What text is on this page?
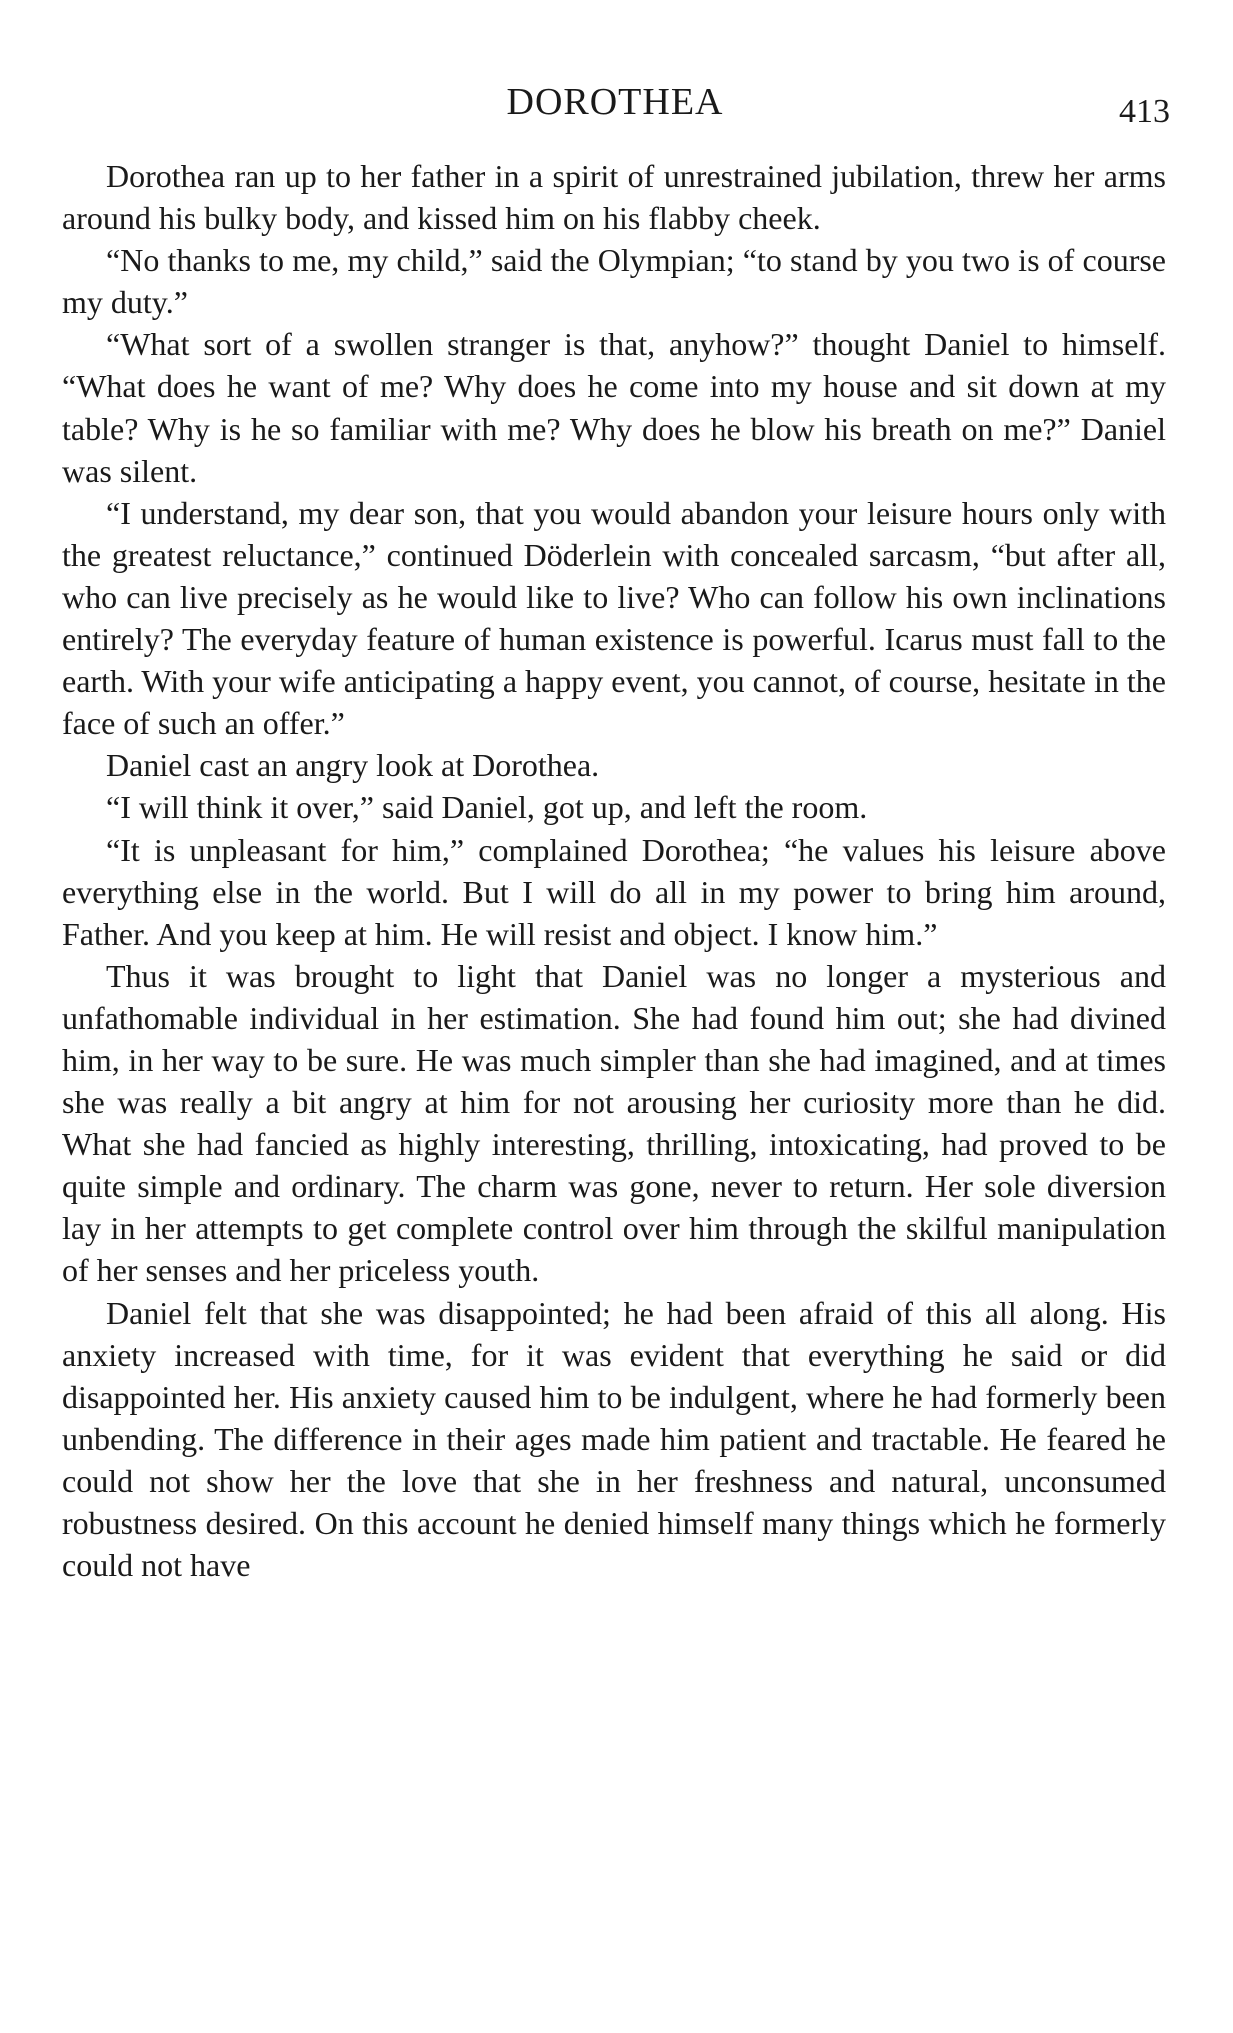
DOROTHEA	413

Dorothea ran up to her father in a spirit of unrestrained jubilation, threw her arms around his bulky body, and kissed him on his flabby cheek.

“No thanks to me, my child,” said the Olympian; “to stand by you two is of course my duty.”

“What sort of a swollen stranger is that, anyhow?” thought Daniel to himself. “What does he want of me? Why does he come into my house and sit down at my table? Why is he so familiar with me? Why does he blow his breath on me?” Daniel was silent.

“I understand, my dear son, that you would abandon your leisure hours only with the greatest reluctance,” continued Döderlein with concealed sarcasm, “but after all, who can live precisely as he would like to live? Who can follow his own inclinations entirely? The everyday feature of human existence is powerful. Icarus must fall to the earth. With your wife anticipating a happy event, you cannot, of course, hesitate in the face of such an offer.”

Daniel cast an angry look at Dorothea.

“I will think it over,” said Daniel, got up, and left the room.

“It is unpleasant for him,” complained Dorothea; “he values his leisure above everything else in the world. But I will do all in my power to bring him around, Father. And you keep at him. He will resist and object. I know him.”

Thus it was brought to light that Daniel was no longer a mysterious and unfathomable individual in her estimation. She had found him out; she had divined him, in her way to be sure. He was much simpler than she had imagined, and at times she was really a bit angry at him for not arousing her curiosity more than he did. What she had fancied as highly interesting, thrilling, intoxicating, had proved to be quite simple and ordinary. The charm was gone, never to return. Her sole diversion lay in her attempts to get complete control over him through the skilful manipulation of her senses and her priceless youth.

Daniel felt that she was disappointed; he had been afraid of this all along. His anxiety increased with time, for it was evident that everything he said or did disappointed her. His anxiety caused him to be indulgent, where he had formerly been unbending. The difference in their ages made him patient and tractable. He feared he could not show her the love that she in her freshness and natural, unconsumed robustness desired. On this account he denied himself many things which he formerly could not have
